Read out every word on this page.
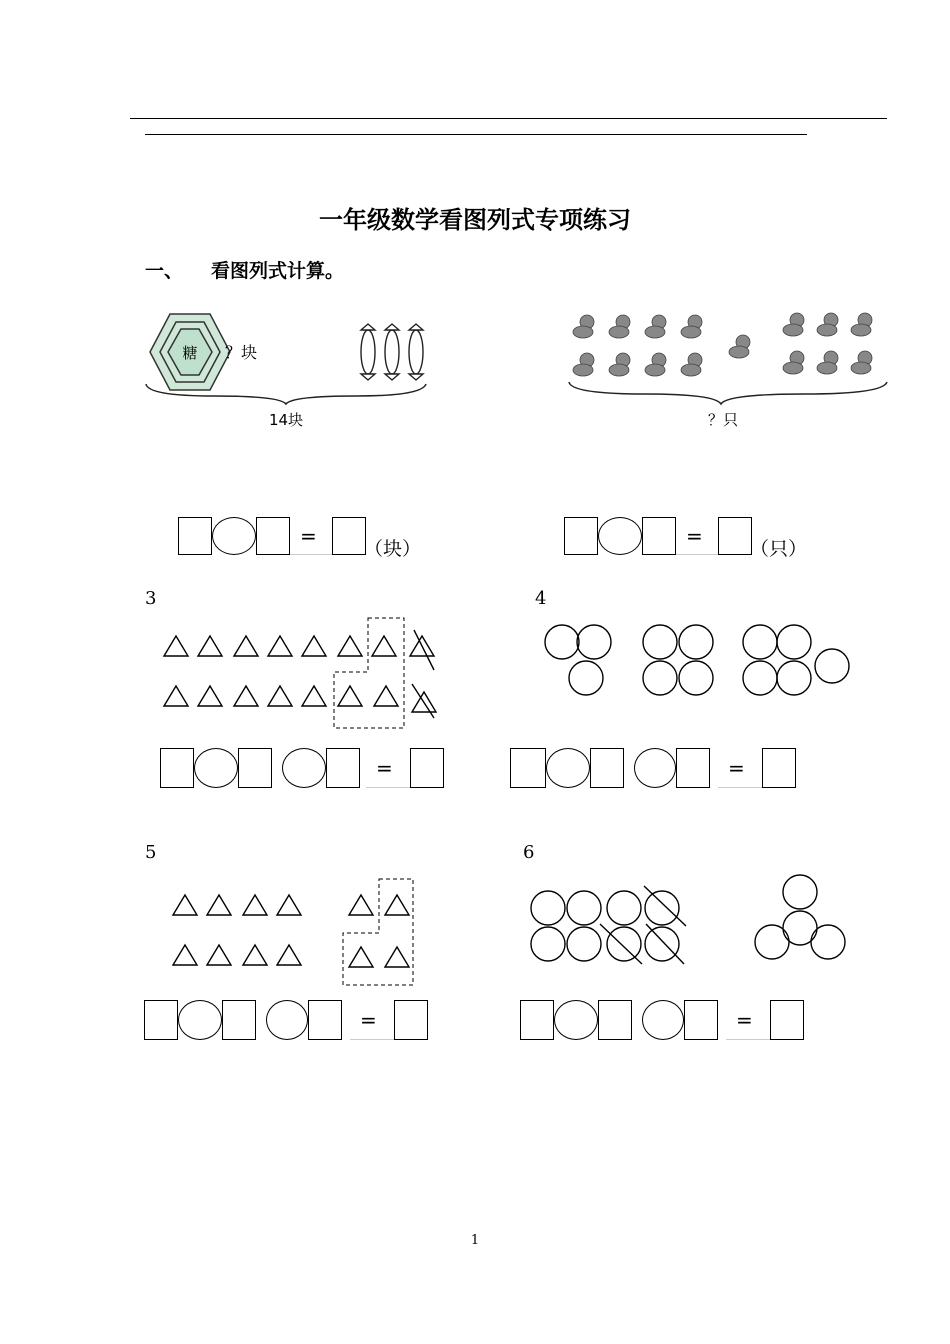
一年级数学看图列式专项练习
一、 看图列式计算。
糖 ？块
14块	？只
=
（块）
=
（只）
3
=
4
=
5
=
6
=
1
